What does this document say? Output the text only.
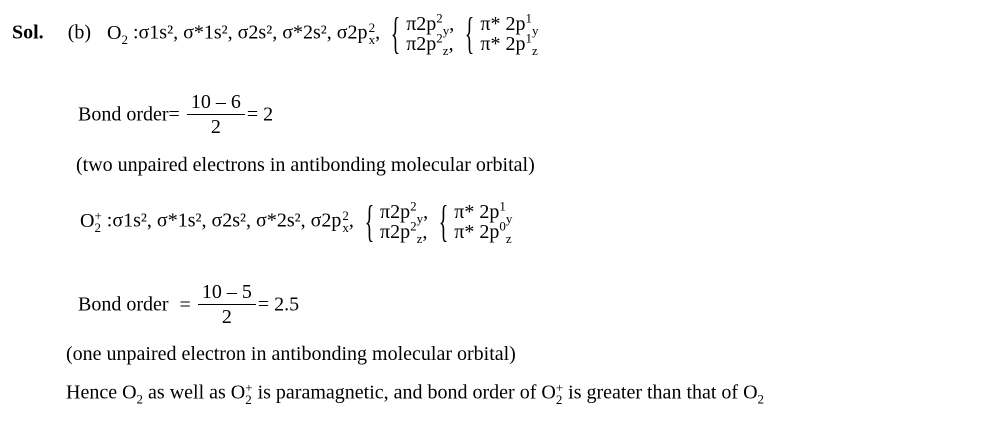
Sol. (b) $O_2$ :σ1s², σ*1s², σ2s², σ*2s², σ2p 2
x , { $\pi 2p^2_y$,
$\pi 2p^2_z$, { π* $2p^1_y$
π* $2p^1_z$
Bond order= $\frac{10 - 6}{2} = 2$
(two unpaired electrons in antibonding molecular orbital)
O +
2 :σ1s², σ*1s², σ2s², σ*2s², σ2p 2
x , { $\pi 2p^2_y$,
$\pi 2p^2_z$, { π* $2p^1_y$
π* $2p^0_z$
Bond order = $\frac{10 - 5}{2} = 2.5$
(one unpaired electron in antibonding molecular orbital)
Hence $O_2$ as well as O +
2 is paramagnetic, and bond order of O +
2 is greater than that of $O_2$
